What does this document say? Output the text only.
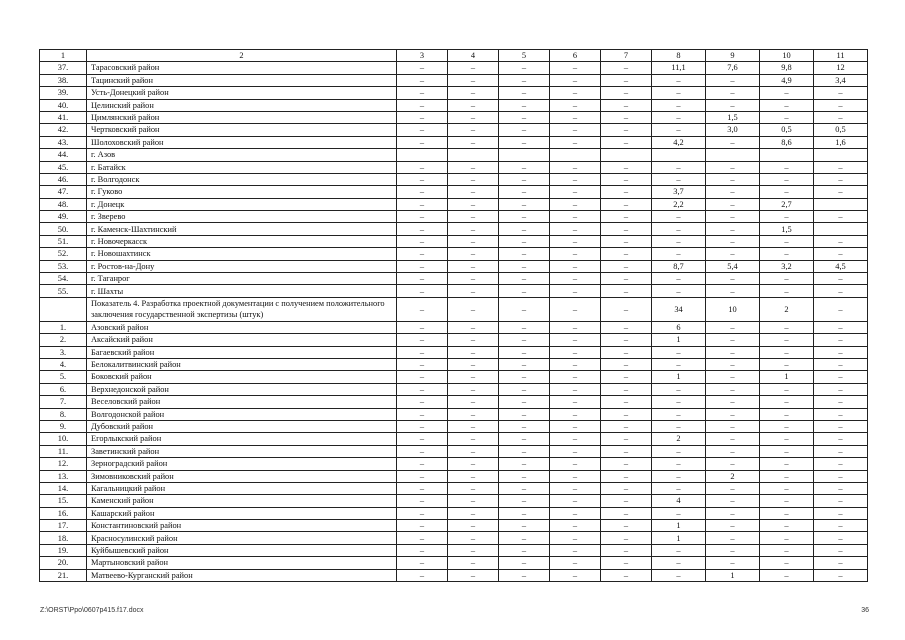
1	2	3	4	5	6	7	8	9	10	11
37.	Тарасовский район	–	–	–	–	–	11,1	7,6	9,8	12
38.	Тацинский район	–	–	–	–	–	–	–	4,9	3,4
39.	Усть-Донецкий район	–	–	–	–	–	–	–	–	–
40.	Целинский район	–	–	–	–	–	–	–	–	–
41.	Цимлянский район	–	–	–	–	–	–	1,5	–	–
42.	Чертковский район	–	–	–	–	–	–	3,0	0,5	0,5
43.	Шолоховский район	–	–	–	–	–	4,2	–	8,6	1,6
44.	г. Азов									
45.	г. Батайск	–	–	–	–	–	–	–	–	–
46.	г. Волгодонск	–	–	–	–	–	–	–	–	–
47.	г. Гуково	–	–	–	–	–	3,7	–	–	–
48.	г. Донецк	–	–	–	–	–	2,2	–	2,7	
49.	г. Зверево	–	–	–	–	–	–	–	–	–
50.	г. Каменск-Шахтинский	–	–	–	–	–	–	–	1,5	
51.	г. Новочеркасск	–	–	–	–	–	–	–	–	–
52.	г. Новошахтинск	–	–	–	–	–	–	–	–	–
53.	г. Ростов-на-Дону	–	–	–	–	–	8,7	5,4	3,2	4,5
54.	г. Таганрог	–	–	–	–	–	–	–	–	–
55.	г. Шахты	–	–	–	–	–	–	–	–	–
	Показатель 4. Разработка проектной документации с получением положительного заключения государственной экспертизы (штук)	–	–	–	–	–	34	10	2	–
1.	Азовский район	–	–	–	–	–	6	–	–	–
2.	Аксайский район	–	–	–	–	–	1	–	–	–
3.	Багаевский район	–	–	–	–	–	–	–	–	–
4.	Белокалитвинский район	–	–	–	–	–	–	–	–	–
5.	Боковский район	–	–	–	–	–	1	–	1	–
6.	Верхнедонской район	–	–	–	–	–	–	–	–	–
7.	Веселовский район	–	–	–	–	–	–	–	–	–
8.	Волгодонской район	–	–	–	–	–	–	–	–	–
9.	Дубовский район	–	–	–	–	–	–	–	–	–
10.	Егорлыкский район	–	–	–	–	–	2	–	–	–
11.	Заветинский район	–	–	–	–	–	–	–	–	–
12.	Зерноградский район	–	–	–	–	–	–	–	–	–
13.	Зимовниковский район	–	–	–	–	–	–	2	–	–
14.	Кагальницкий район	–	–	–	–	–	–	–	–	–
15.	Каменский район	–	–	–	–	–	4	–	–	–
16.	Кашарский район	–	–	–	–	–	–	–	–	–
17.	Константиновский район	–	–	–	–	–	1	–	–	–
18.	Красносулинский район	–	–	–	–	–	1	–	–	–
19.	Куйбышевский район	–	–	–	–	–	–	–	–	–
20.	Мартыновский район	–	–	–	–	–	–	–	–	–
21.	Матвеево-Курганский район	–	–	–	–	–	–	1	–	–
Z:\ORST\Ppo\0607p415.f17.docx	36
